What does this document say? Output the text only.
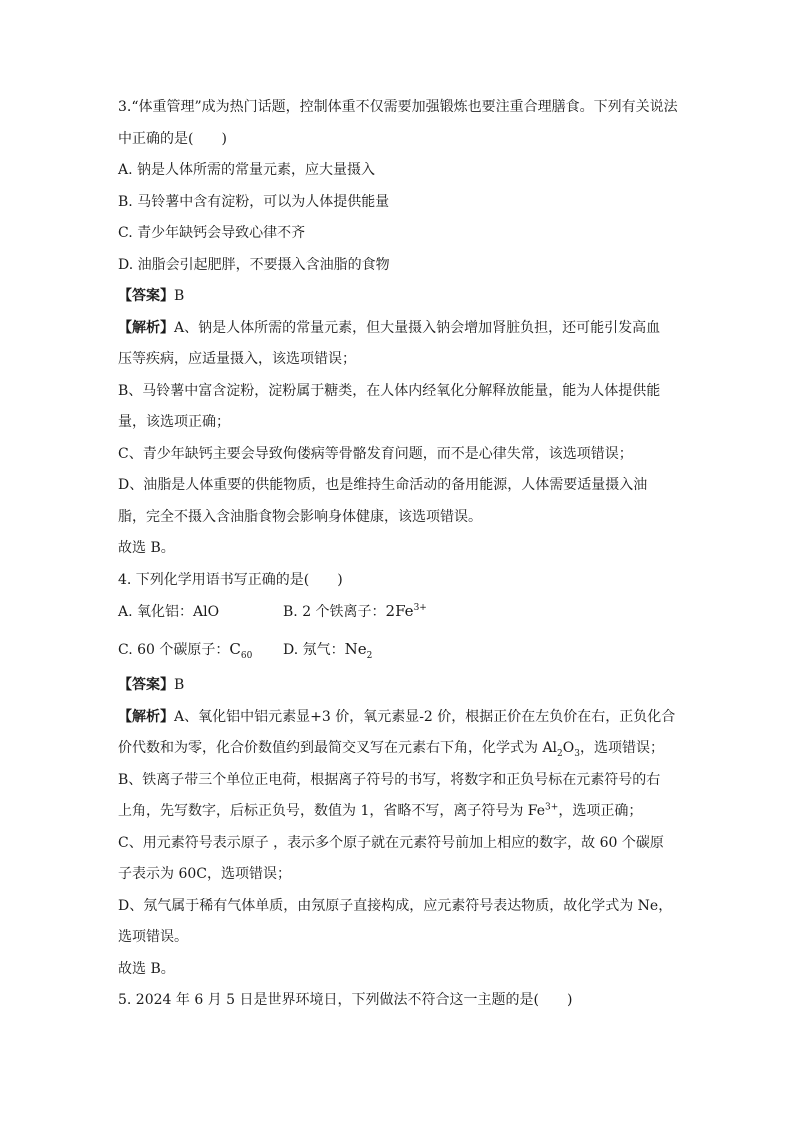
3.“体重管理”成为热门话题，控制体重不仅需要加强锻炼也要注重合理膳食。下列有关说法
中正确的是(　　)
A. 钠是人体所需的常量元素，应大量摄入
B. 马铃薯中含有淀粉，可以为人体提供能量
C. 青少年缺钙会导致心律不齐
D. 油脂会引起肥胖，不要摄入含油脂的食物
【答案】B
【解析】A、钠是人体所需的常量元素，但大量摄入钠会增加肾脏负担，还可能引发高血
压等疾病，应适量摄入，该选项错误；
B、马铃薯中富含淀粉，淀粉属于糖类，在人体内经氧化分解释放能量，能为人体提供能
量，该选项正确；
C、青少年缺钙主要会导致佝偻病等骨骼发育问题，而不是心律失常，该选项错误；
D、油脂是人体重要的供能物质，也是维持生命活动的备用能源，人体需要适量摄入油
脂，完全不摄入含油脂食物会影响身体健康，该选项错误。
故选 B。
4. 下列化学用语书写正确的是(　　)
A. 氧化铝：AlO	B. 2 个铁离子：$2Fe^{3+}$
C. 60 个碳原子：$C_{60}$	D. 氖气：$Ne_2$
【答案】B
【解析】A、氧化铝中铝元素显+3 价，氧元素显-2 价，根据正价在左负价在右，正负化合
价代数和为零，化合价数值约到最简交叉写在元素右下角，化学式为 $Al_2O_3$，选项错误；
B、铁离子带三个单位正电荷，根据离子符号的书写，将数字和正负号标在元素符号的右
上角，先写数字，后标正负号，数值为 1，省略不写，离子符号为 $Fe^{3+}$，选项正确；
C、用元素符号表示原子 ，表示多个原子就在元素符号前加上相应的数字，故 60 个碳原
子表示为 60C，选项错误；
D、氖气属于稀有气体单质，由氖原子直接构成，应元素符号表达物质，故化学式为 Ne，
选项错误。
故选 B。
5. 2024 年 6 月 5 日是世界环境日，下列做法不符合这一主题的是(　　)
